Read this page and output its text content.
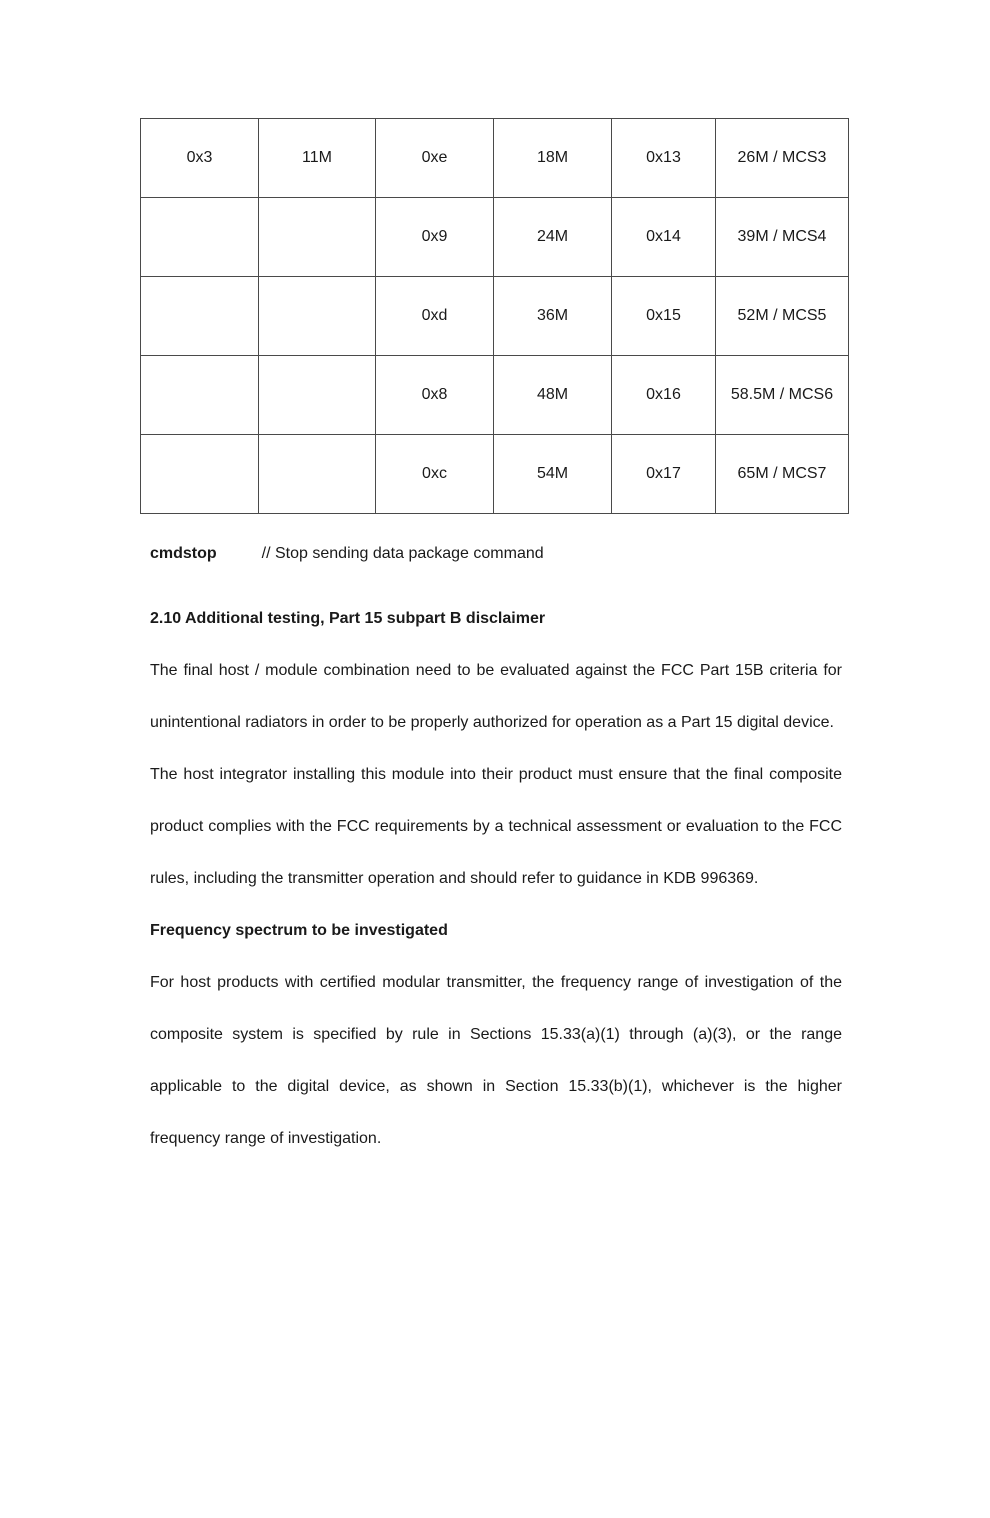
0x3	11M	0xe	18M	0x13	26M / MCS3
		0x9	24M	0x14	39M / MCS4
		0xd	36M	0x15	52M / MCS5
		0x8	48M	0x16	58.5M / MCS6
		0xc	54M	0x17	65M / MCS7
cmdstop	// Stop sending data package command
2.10 Additional testing, Part 15 subpart B disclaimer

The final host / module combination need to be evaluated against the FCC Part 15B criteria for unintentional radiators in order to be properly authorized for operation as a Part 15 digital device.

The host integrator installing this module into their product must ensure that the final composite product complies with the FCC requirements by a technical assessment or evaluation to the FCC rules, including the transmitter operation and should refer to guidance in KDB 996369.

Frequency spectrum to be investigated

For host products with certified modular transmitter, the frequency range of investigation of the composite system is specified by rule in Sections 15.33(a)(1) through (a)(3), or the range applicable to the digital device, as shown in Section 15.33(b)(1), whichever is the higher frequency range of investigation.
